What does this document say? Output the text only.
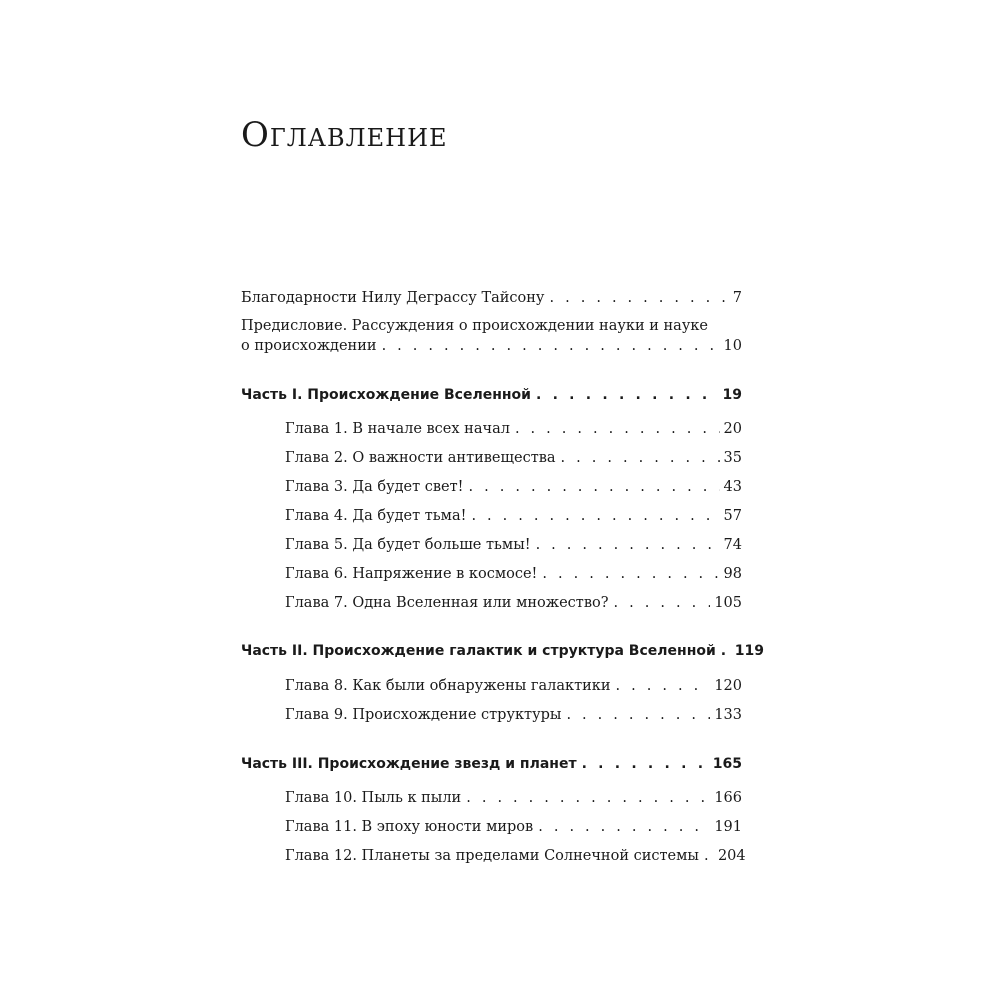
Оглавление
Благодарности Нилу Деграссу Тайсону . . .	7
Предисловие. Рассуждения о происхождении науки и науке
о происхождении . . .	10
Часть I. Происхождение Вселенной . . .	19
Глава 1. В начале всех начал . . .	20
Глава 2. О важности антивещества . . .	35
Глава 3. Да будет свет! . . .	43
Глава 4. Да будет тьма! . . .	57
Глава 5. Да будет больше тьмы! . . .	74
Глава 6. Напряжение в космосе! . . .	98
Глава 7. Одна Вселенная или множество? . . .	105
Часть II. Происхождение галактик и структура Вселенной . . . 119
Глава 8. Как были обнаружены галактики . . .	120
Глава 9. Происхождение структуры . . .	133
Часть III. Происхождение звезд и планет . . .	165
Глава 10. Пыль к пыли . . .	166
Глава 11. В эпоху юности миров . . .	191
Глава 12. Планеты за пределами Солнечной системы . . . 204
